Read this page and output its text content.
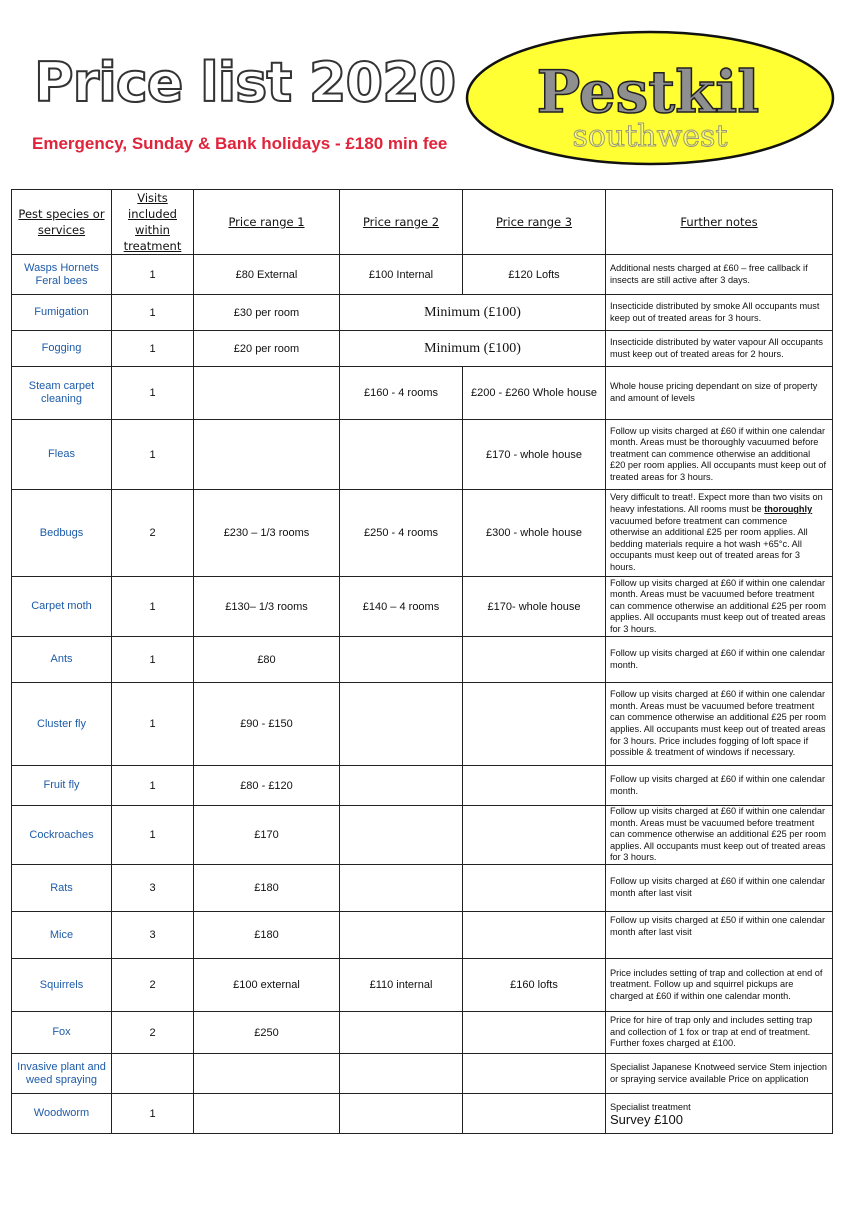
Price list 2020
Emergency, Sunday & Bank holidays - £180 min fee
Pestkil
southwest
Pest species or services	Visits included within treatment	Price range 1	Price range 2	Price range 3	Further notes
Wasps Hornets Feral bees	1	£80 External	£100 Internal	£120 Lofts	Additional nests charged at £60 – free callback if insects are still active after 3 days.
Fumigation	1	£30 per room	Minimum (£100)		Insecticide distributed by smoke All occupants must keep out of treated areas for 3 hours.
Fogging	1	£20 per room	Minimum (£100)		Insecticide distributed by water vapour All occupants must keep out of treated areas for 2 hours.
Steam carpet cleaning	1		£160 - 4 rooms	£200 - £260 Whole house	Whole house pricing dependant on size of property and amount of levels
Fleas	1			£170 - whole house	Follow up visits charged at £60 if within one calendar month. Areas must be thoroughly vacuumed before treatment can commence otherwise an additional £20 per room applies. All occupants must keep out of treated areas for 3 hours.
Bedbugs	2	£230 – 1/3 rooms	£250 - 4 rooms	£300 - whole house	Very difficult to treat!. Expect more than two visits on heavy infestations. All rooms must be thoroughly vacuumed before treatment can commence otherwise an additional £25 per room applies. All bedding materials require a hot wash +65°c. All occupants must keep out of treated areas for 3 hours.
Carpet moth	1	£130– 1/3 rooms	£140 – 4 rooms	£170- whole house	Follow up visits charged at £60 if within one calendar month. Areas must be vacuumed before treatment can commence otherwise an additional £25 per room applies. All occupants must keep out of treated areas for 3 hours.
Ants	1	£80			Follow up visits charged at £60 if within one calendar month.
Cluster fly	1	£90 - £150			Follow up visits charged at £60 if within one calendar month. Areas must be vacuumed before treatment can commence otherwise an additional £25 per room applies. All occupants must keep out of treated areas for 3 hours. Price includes fogging of loft space if possible & treatment of windows if necessary.
Fruit fly	1	£80 - £120			Follow up visits charged at £60 if within one calendar month.
Cockroaches	1	£170			Follow up visits charged at £60 if within one calendar month. Areas must be vacuumed before treatment can commence otherwise an additional £25 per room applies. All occupants must keep out of treated areas for 3 hours.
Rats	3	£180			Follow up visits charged at £60 if within one calendar month after last visit
Mice	3	£180			Follow up visits charged at £50 if within one calendar month after last visit
Squirrels	2	£100 external	£110 internal	£160 lofts	Price includes setting of trap and collection at end of treatment. Follow up and squirrel pickups are charged at £60 if within one calendar month.
Fox	2	£250			Price for hire of trap only and includes setting trap and collection of 1 fox or trap at end of treatment. Further foxes charged at £100.
Invasive plant and weed spraying					Specialist Japanese Knotweed service Stem injection or spraying service available Price on application
Woodworm	1				Specialist treatment
Survey £100
